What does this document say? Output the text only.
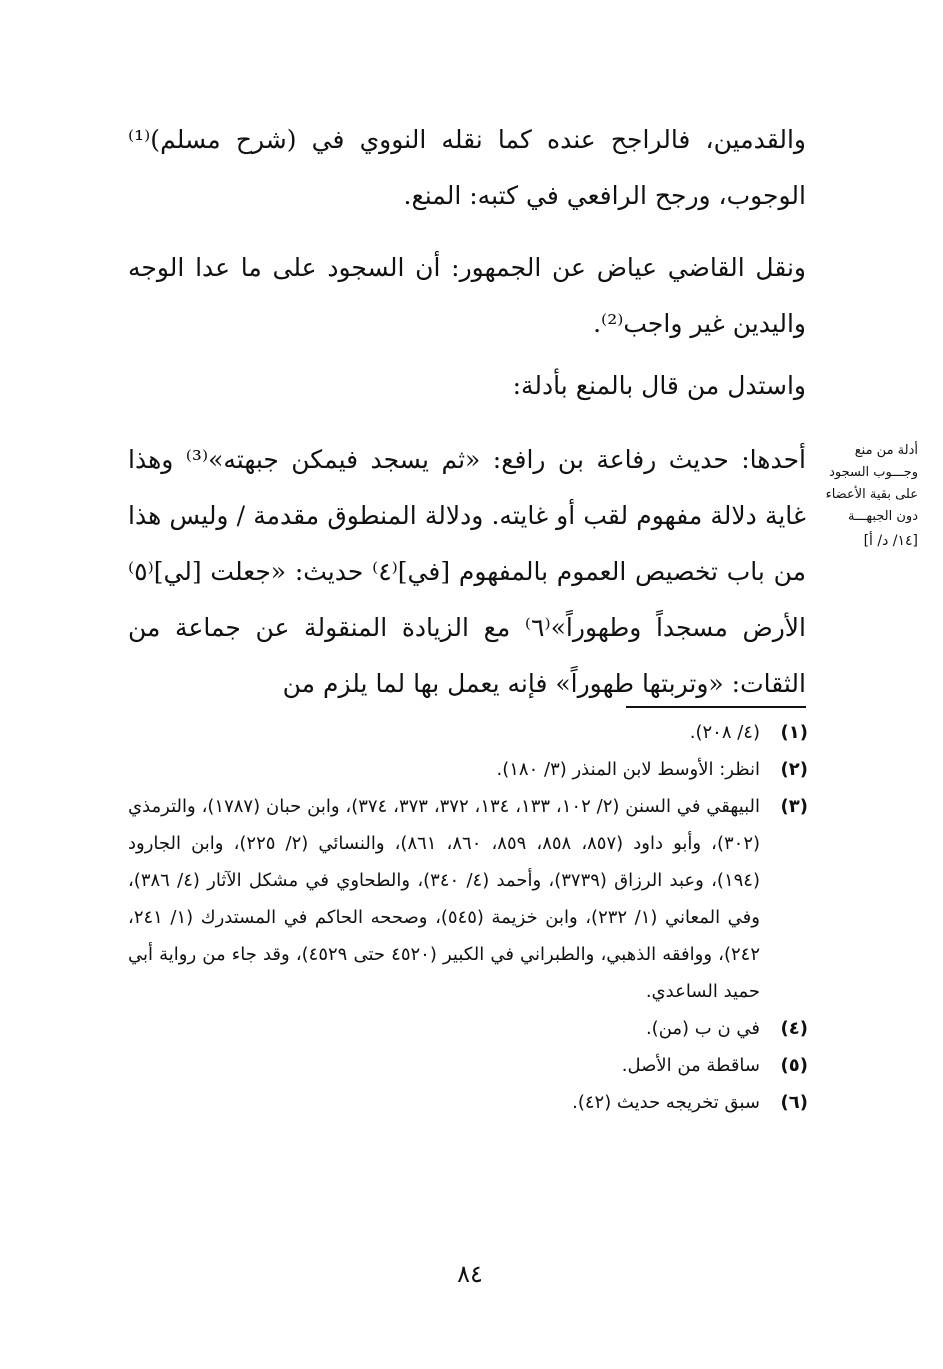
والقدمين، فالراجح عنده كما نقله النووي في (شرح مسلم)⁽¹⁾ الوجوب، ورجح الرافعي في كتبه: المنع.

ونقل القاضي عياض عن الجمهور: أن السجود على ما عدا الوجه واليدين غير واجب⁽²⁾.

واستدل من قال بالمنع بأدلة:

أحدها: حديث رفاعة بن رافع: «ثم يسجد فيمكن جبهته»⁽³⁾ وهذا غاية دلالة مفهوم لقب أو غايته. ودلالة المنطوق مقدمة / وليس هذا من باب تخصيص العموم بالمفهوم [في]⁽٤⁾ حديث: «جعلت [لي]⁽٥⁾ الأرض مسجداً وطهوراً»⁽٦⁾ مع الزيادة المنقولة عن جماعة من الثقات: «وتربتها طهوراً» فإنه يعمل بها لما يلزم من

أدلة من منع وجـــوب السجود على بقية الأعضاء دون الجبهـــة
[١٤/ د/ أ]
(١)
(٤/ ٢٠٨).
(٢)
انظر: الأوسط لابن المنذر (٣/ ١٨٠).
(٣)
البيهقي في السنن (٢/ ١٠٢، ١٣٣، ١٣٤، ٣٧٢، ٣٧٣، ٣٧٤)، وابن حبان (١٧٨٧)، والترمذي (٣٠٢)، وأبو داود (٨٥٧، ٨٥٨، ٨٥٩، ٨٦٠، ٨٦١)، والنسائي (٢/ ٢٢٥)، وابن الجارود (١٩٤)، وعبد الرزاق (٣٧٣٩)، وأحمد (٤/ ٣٤٠)، والطحاوي في مشكل الآثار (٤/ ٣٨٦)، وفي المعاني (١/ ٢٣٢)، وابن خزيمة (٥٤٥)، وصححه الحاكم في المستدرك (١/ ٢٤١، ٢٤٢)، ووافقه الذهبي، والطبراني في الكبير (٤٥٢٠ حتى ٤٥٢٩)، وقد جاء من رواية أبي حميد الساعدي.
(٤)
في ن ب (من).
(٥)
ساقطة من الأصل.
(٦)
سبق تخريجه حديث (٤٢).
٨٤
